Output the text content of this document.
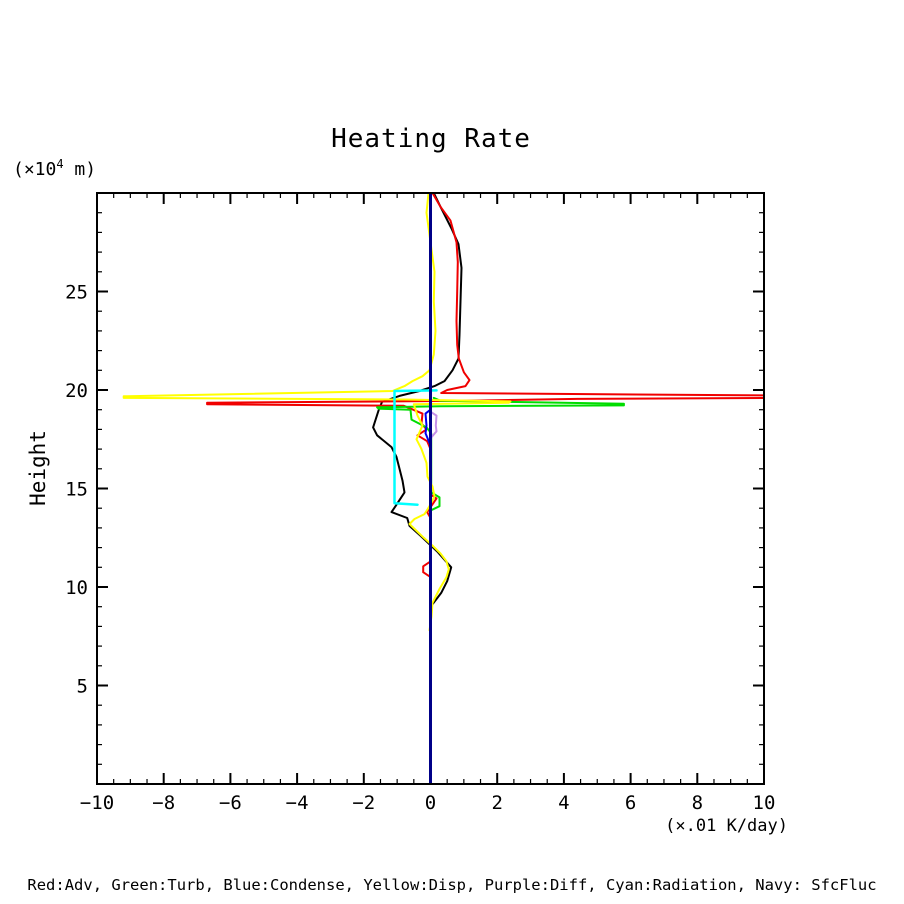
−10 −8 −6 −4 −2	0	2	4	6	8	10
5
10
15
20
25
Heating Rate
($\times 10^4$ m)
Height
(×.01 K/day)
Red:Adv, Green:Turb, Blue:Condense, Yellow:Disp, Purple:Diff, Cyan:Radiation, Navy: SfcFluc
